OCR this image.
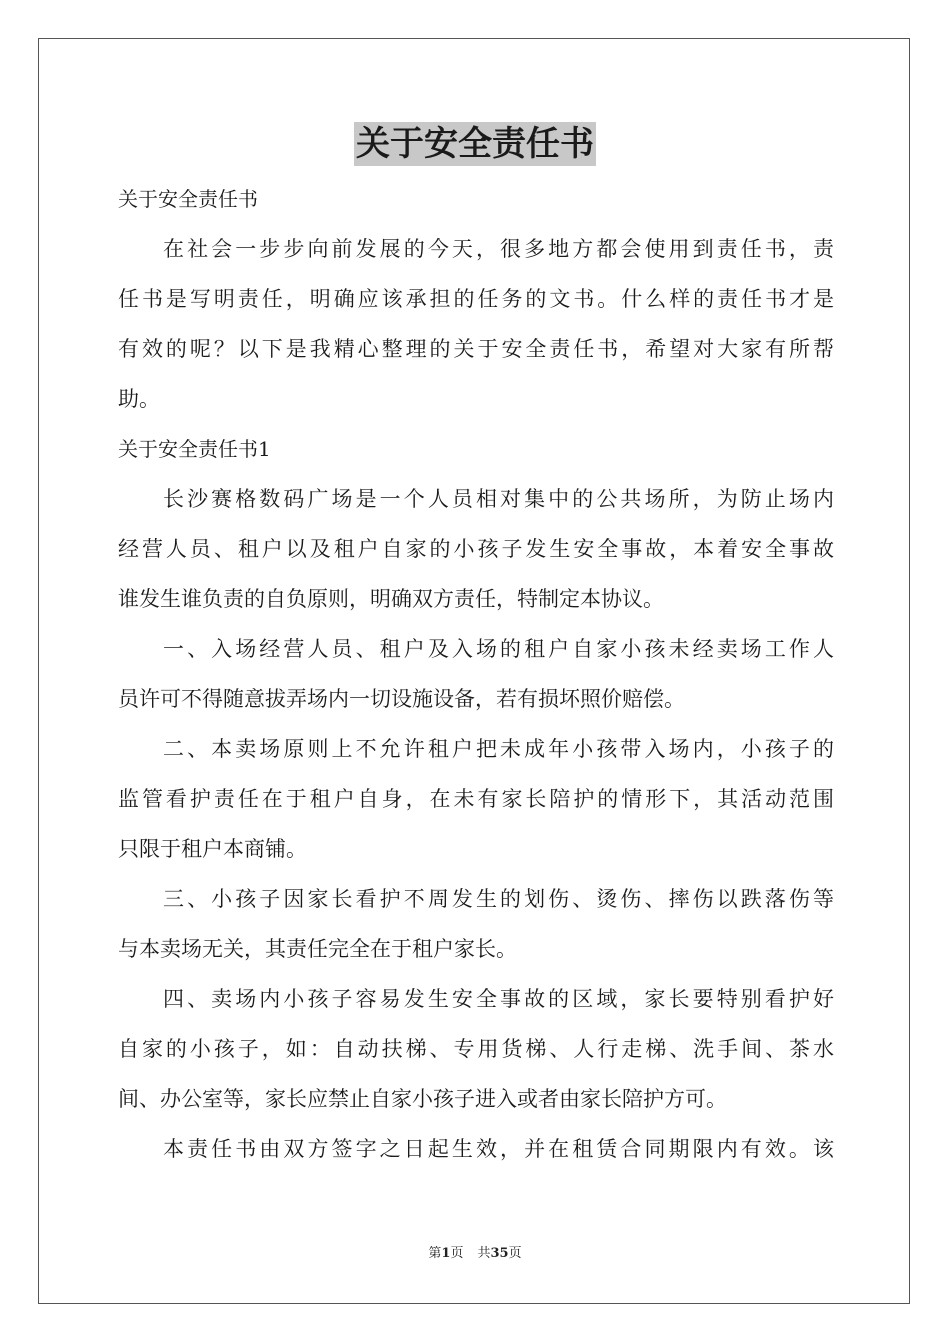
关于安全责任书
关于安全责任书
在社会一步步向前发展的今天，很多地方都会使用到责任书，责
任书是写明责任，明确应该承担的任务的文书。什么样的责任书才是
有效的呢？以下是我精心整理的关于安全责任书，希望对大家有所帮
助。
关于安全责任书1
长沙赛格数码广场是一个人员相对集中的公共场所，为防止场内
经营人员、租户以及租户自家的小孩子发生安全事故，本着安全事故
谁发生谁负责的自负原则，明确双方责任，特制定本协议。
一、入场经营人员、租户及入场的租户自家小孩未经卖场工作人
员许可不得随意拔弄场内一切设施设备，若有损坏照价赔偿。
二、本卖场原则上不允许租户把未成年小孩带入场内，小孩子的
监管看护责任在于租户自身，在未有家长陪护的情形下，其活动范围
只限于租户本商铺。
三、小孩子因家长看护不周发生的划伤、烫伤、摔伤以跌落伤等
与本卖场无关，其责任完全在于租户家长。
四、卖场内小孩子容易发生安全事故的区域，家长要特别看护好
自家的小孩子，如：自动扶梯、专用货梯、人行走梯、洗手间、茶水
间、办公室等，家长应禁止自家小孩子进入或者由家长陪护方可。
本责任书由双方签字之日起生效，并在租赁合同期限内有效。该
第1页 共35页
